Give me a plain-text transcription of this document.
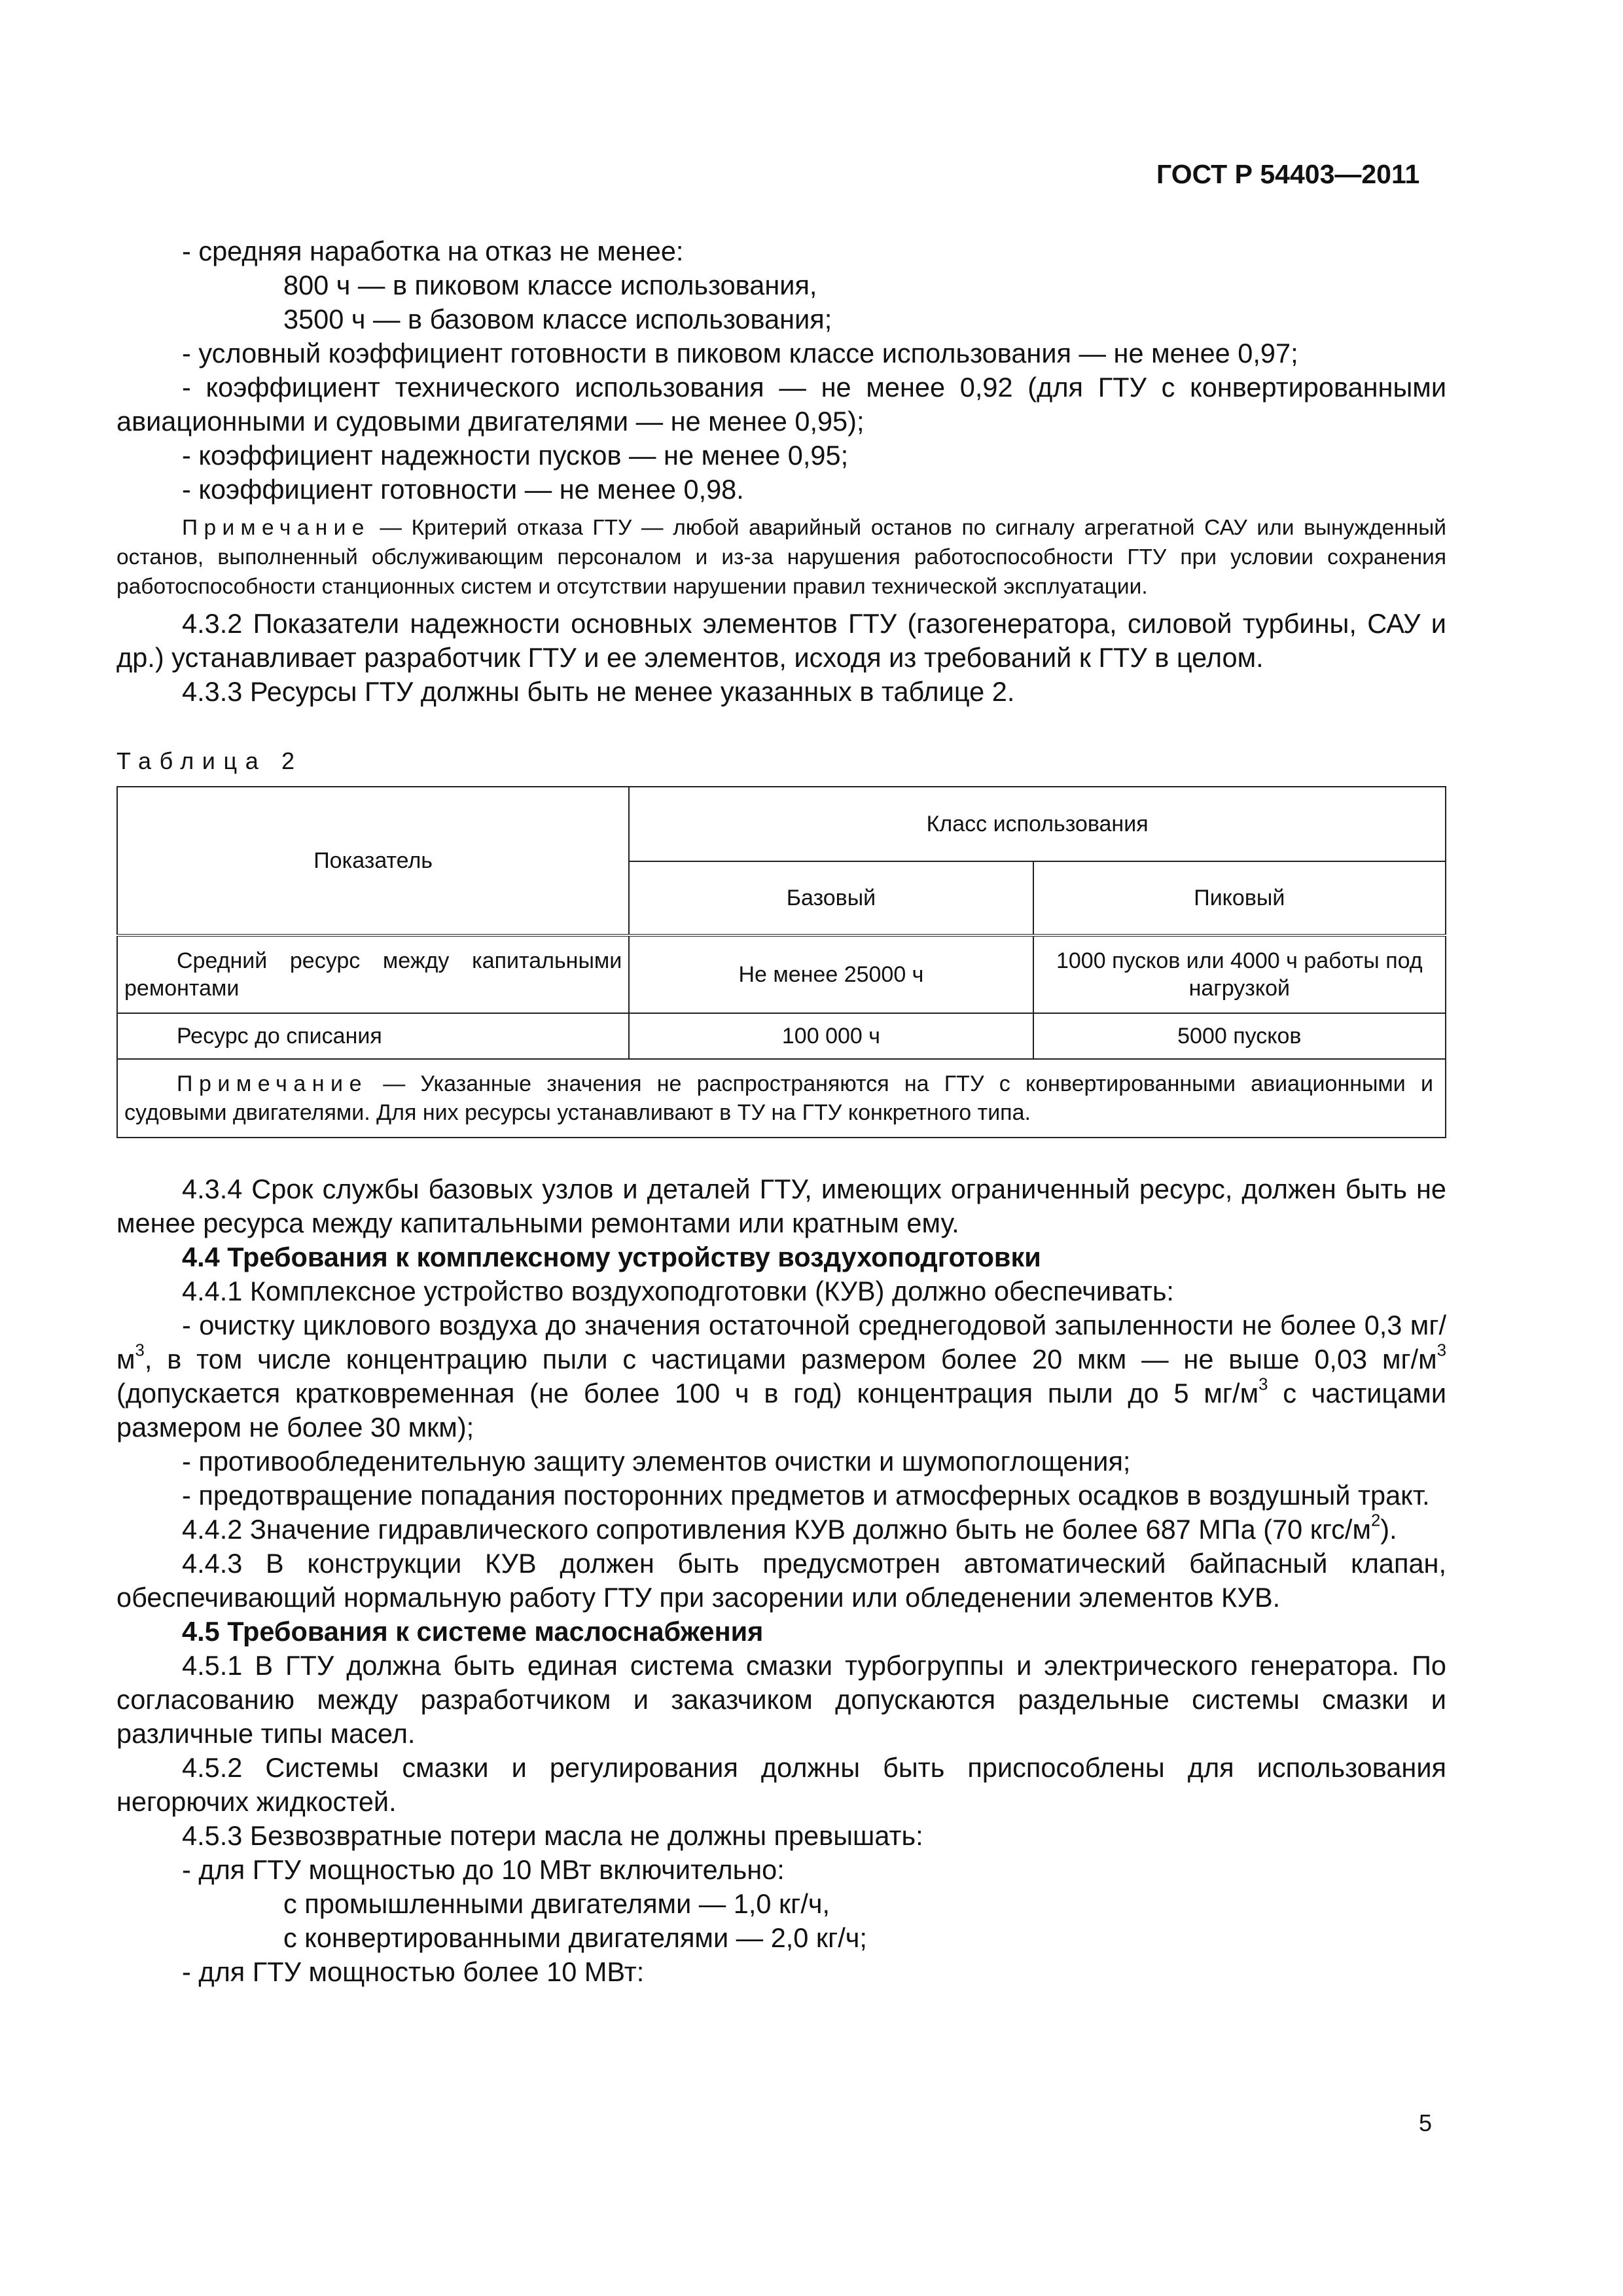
ГОСТ Р 54403—2011

- средняя наработка на отказ не менее:

800 ч — в пиковом классе использования,

3500 ч — в базовом классе использования;

- условный коэффициент готовности в пиковом классе использования — не менее 0,97;

- коэффициент технического использования — не менее 0,92 (для ГТУ с конвертированными авиационными и судовыми двигателями — не менее 0,95);

- коэффициент надежности пусков — не менее 0,95;

- коэффициент готовности — не менее 0,98.

Примечание — Критерий отказа ГТУ — любой аварийный останов по сигналу агрегатной САУ или вынужденный останов, выполненный обслуживающим персоналом и из-за нарушения работоспособности ГТУ при условии сохранения работоспособности станционных систем и отсутствии нарушении правил технической эксплуатации.

4.3.2 Показатели надежности основных элементов ГТУ (газогенератора, силовой турбины, САУ и др.) устанавливает разработчик ГТУ и ее элементов, исходя из требований к ГТУ в целом.

4.3.3 Ресурсы ГТУ должны быть не менее указанных в таблице 2.

Таблица 2

Показатель	Класс использования	
	Базовый	Пиковый
Средний ресурс между капитальными ремонтами	Не менее 25000 ч	1000 пусков или 4000 ч работы под нагрузкой
Ресурс до списания	100 000 ч	5000 пусков
Примечание — Указанные значения не распространяются на ГТУ с конвертированными авиационными и судовыми двигателями. Для них ресурсы устанавливают в ТУ на ГТУ конкретного типа.		

4.3.4 Срок службы базовых узлов и деталей ГТУ, имеющих ограниченный ресурс, должен быть не менее ресурса между капитальными ремонтами или кратным ему.

4.4 Требования к комплексному устройству воздухоподготовки

4.4.1 Комплексное устройство воздухоподготовки (КУВ) должно обеспечивать:

- очистку циклового воздуха до значения остаточной среднегодовой запыленности не более 0,3 $мг/м^3$, в том числе концентрацию пыли с частицами размером более 20 мкм — не выше 0,03 $мг/м^3$ (допускается кратковременная (не более 100 ч в год) концентрация пыли до 5 $мг/м^3$ с частицами размером не более 30 мкм);

- противообледенительную защиту элементов очистки и шумопоглощения;

- предотвращение попадания посторонних предметов и атмосферных осадков в воздушный тракт.

4.4.2 Значение гидравлического сопротивления КУВ должно быть не более 687 МПа (70 кгс/$м^2$).

4.4.3 В конструкции КУВ должен быть предусмотрен автоматический байпасный клапан, обеспечивающий нормальную работу ГТУ при засорении или обледенении элементов КУВ.

4.5 Требования к системе маслоснабжения

4.5.1 В ГТУ должна быть единая система смазки турбогруппы и электрического генератора. По согласованию между разработчиком и заказчиком допускаются раздельные системы смазки и различные типы масел.

4.5.2 Системы смазки и регулирования должны быть приспособлены для использования негорючих жидкостей.

4.5.3 Безвозвратные потери масла не должны превышать:

- для ГТУ мощностью до 10 МВт включительно:

с промышленными двигателями — 1,0 кг/ч,

с конвертированными двигателями — 2,0 кг/ч;

- для ГТУ мощностью более 10 МВт:

5
